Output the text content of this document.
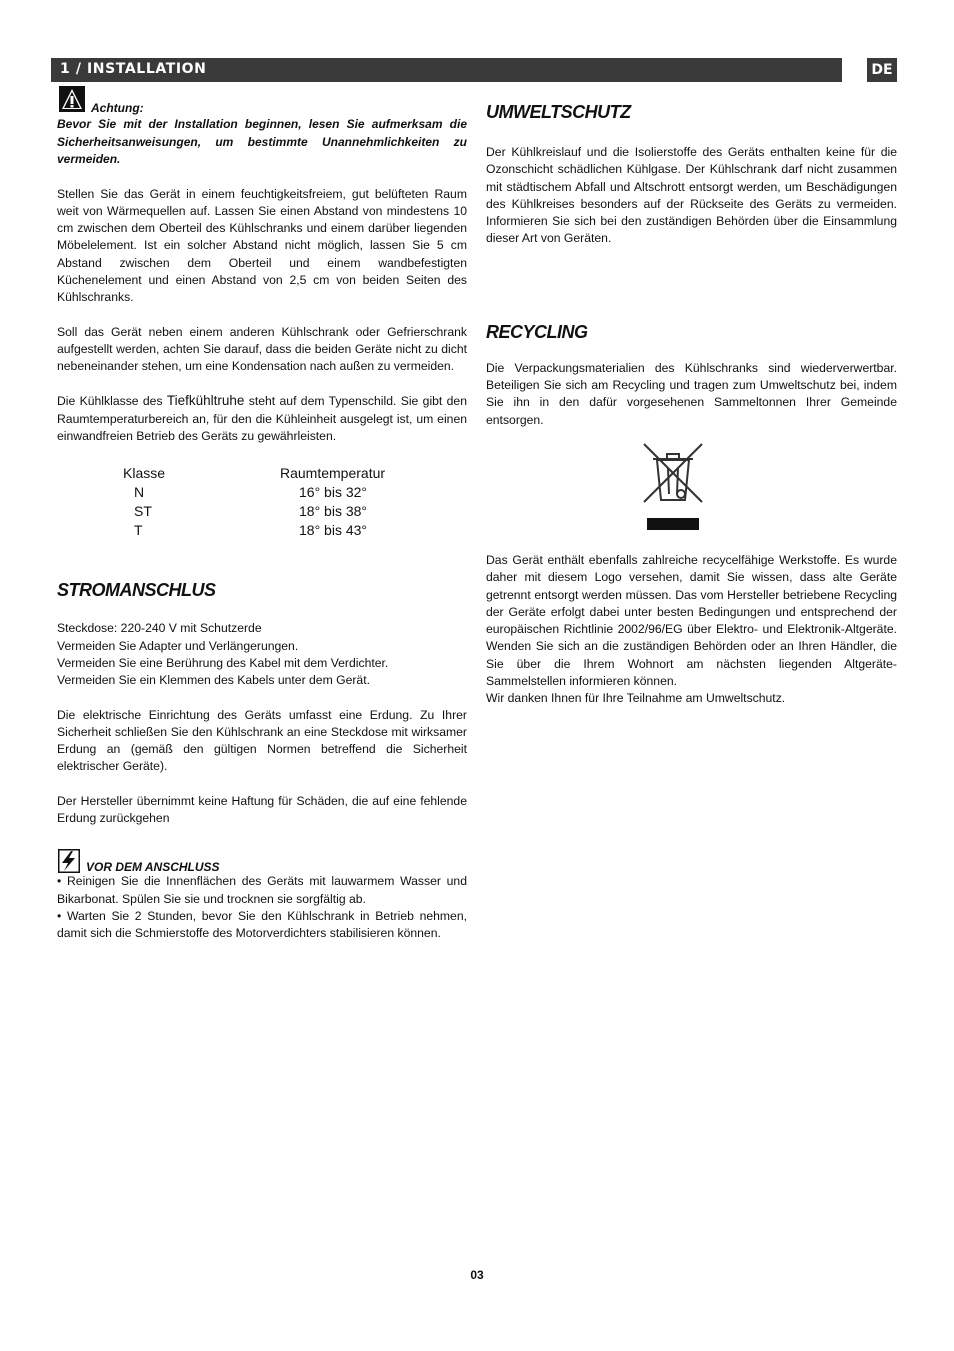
1 / INSTALLATION	DE
Achtung:

Bevor Sie mit der Installation beginnen, lesen Sie aufmerksam die Sicherheitsanweisungen, um bestimmte Unannehmlichkeiten zu vermeiden.

Stellen Sie das Gerät in einem feuchtigkeitsfreiem, gut belüfteten Raum weit von Wärmequellen auf. Lassen Sie einen Abstand von mindestens 10 cm zwischen dem Oberteil des Kühlschranks und einem darüber liegenden Möbelelement. Ist ein solcher Abstand nicht möglich, lassen Sie 5 cm Abstand zwischen dem Oberteil und einem wandbefestigten Küchenelement und einen Abstand von 2,5 cm von beiden Seiten des Kühlschranks.

Soll das Gerät neben einem anderen Kühlschrank oder Gefrierschrank aufgestellt werden, achten Sie darauf, dass die beiden Geräte nicht zu dicht nebeneinander stehen, um eine Kondensation nach außen zu vermeiden.

Die Kühlklasse des Tiefkühltruhe steht auf dem Typenschild. Sie gibt den Raumtemperaturbereich an, für den die Kühleinheit ausgelegt ist, um einen einwandfreien Betrieb des Geräts zu gewährleisten.

Klasse	Raumtemperatur
N	16° bis 32°
ST	18° bis 38°
T	18° bis 43°
STROMANSCHLUS

Steckdose: 220-240 V mit Schutzerde

Vermeiden Sie Adapter und Verlängerungen.

Vermeiden Sie eine Berührung des Kabel mit dem Verdichter.

Vermeiden Sie ein Klemmen des Kabels unter dem Gerät.

Die elektrische Einrichtung des Geräts umfasst eine Erdung. Zu Ihrer Sicherheit schließen Sie den Kühlschrank an eine Steckdose mit wirksamer Erdung an (gemäß den gültigen Normen betreffend die Sicherheit elektrischer Geräte).

Der Hersteller übernimmt keine Haftung für Schäden, die auf eine fehlende Erdung zurückgehen

VOR DEM ANSCHLUSS

• Reinigen Sie die Innenflächen des Geräts mit lauwarmem Wasser und Bikarbonat. Spülen Sie sie und trocknen sie sorgfältig ab.

• Warten Sie 2 Stunden, bevor Sie den Kühlschrank in Betrieb nehmen, damit sich die Schmierstoffe des Motorverdichters stabilisieren können.

UMWELTSCHUTZ

Der Kühlkreislauf und die Isolierstoffe des Geräts enthalten keine für die Ozonschicht schädlichen Kühlgase. Der Kühlschrank darf nicht zusammen mit städtischem Abfall und Altschrott entsorgt werden, um Beschädigungen des Kühlkreises besonders auf der Rückseite des Geräts zu vermeiden. Informieren Sie sich bei den zuständigen Behörden über die Einsammlung dieser Art von Geräten.

RECYCLING

Die Verpackungsmaterialien des Kühlschranks sind wiederverwertbar. Beteiligen Sie sich am Recycling und tragen zum Umweltschutz bei, indem Sie ihn in den dafür vorgesehenen Sammeltonnen Ihrer Gemeinde entsorgen.

Das Gerät enthält ebenfalls zahlreiche recycelfähige Werkstoffe. Es wurde daher mit diesem Logo versehen, damit Sie wissen, dass alte Geräte getrennt entsorgt werden müssen. Das vom Hersteller betriebene Recycling der Geräte erfolgt dabei unter besten Bedingungen und entsprechend der europäischen Richtlinie 2002/96/EG über Elektro- und Elektronik-Altgeräte. Wenden Sie sich an die zuständigen Behörden oder an Ihren Händler, die Sie über die Ihrem Wohnort am nächsten liegenden Altgeräte-Sammelstellen informieren können.

Wir danken Ihnen für Ihre Teilnahme am Umweltschutz.

03
